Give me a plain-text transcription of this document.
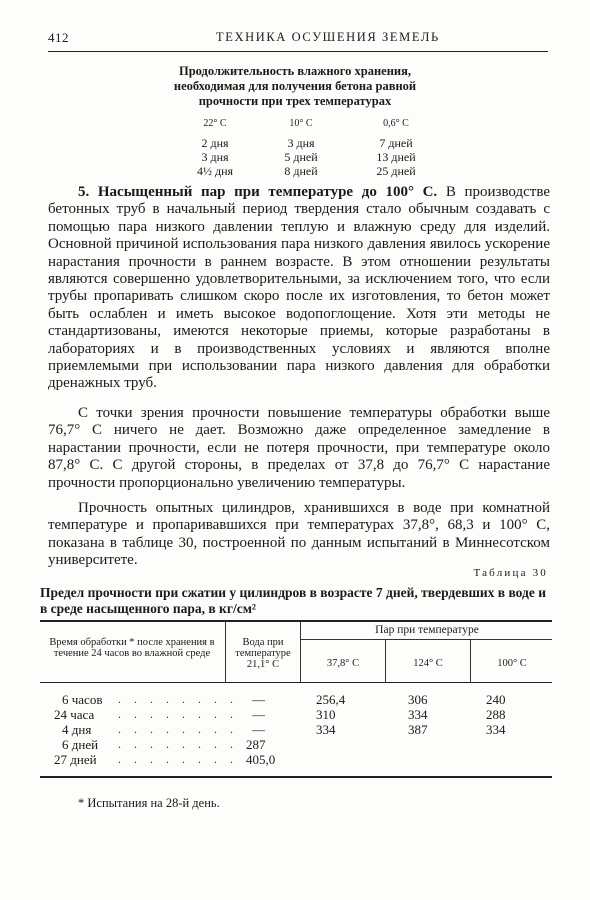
412	ТЕХНИКА ОСУШЕНИЯ ЗЕМЕЛЬ
Продолжительность влажного хранения,
необходимая для получения бетона равной
прочности при трех температурах
22° С	10° С	0,6° С
2 дня	3 дня	7 дней
3 дня	5 дней	13 дней
4½ дня	8 дней	25 дней
5. Насыщенный пар при температуре до 100° С. В производстве бетонных труб в начальный период твердения стало обычным создавать с помощью пара низкого давлении теплую и влажную среду для изделий. Основной причиной использования пара низкого давления явилось ускорение нарастания прочности в раннем возрасте. В этом отношении результаты являются совершенно удовлетворительными, за исключением того, что если трубы пропаривать слишком скоро после их изготовления, то бетон может быть ослаблен и иметь высокое водопоглощение. Хотя эти методы не стандартизованы, имеются некоторые приемы, которые разработаны в лабораториях и в производственных условиях и являются вполне приемлемыми при использовании пара низкого давления для обработки дренажных труб.
С точки зрения прочности повышение температуры обработки выше 76,7° С ничего не дает. Возможно даже определенное замедление в нарастании прочности, если не потеря прочности, при температуре около 87,8° С. С другой стороны, в пределах от 37,8 до 76,7° С нарастание прочности пропорционально увеличению температуры.
Прочность опытных цилиндров, хранившихся в воде при комнатной температуре и пропаривавшихся при температурах 37,8°, 68,3 и 100° С, показана в таблице 30, построенной по данным испытаний в Миннесотском университете.
Таблица 30
Предел прочности при сжатии у цилиндров в возрасте 7 дней, твердевших в воде и в среде насыщенного пара, в кг/см²
Время обработки * после хранения в течение 24 часов во влажной среде
Вода при температуре 21,1° С
Пар при температуре
37,8° С	124° С	100° С
6 часов	. . . . . . . . —	256,4	306	240
24 часа	. . . . . . . . —	310	334	288
4 дня	. . . . . . . . —	334	387	334
6 дней	. . . . . . . . 287
27 дней	. . . . . . . . 405,0
* Испытания на 28-й день.
